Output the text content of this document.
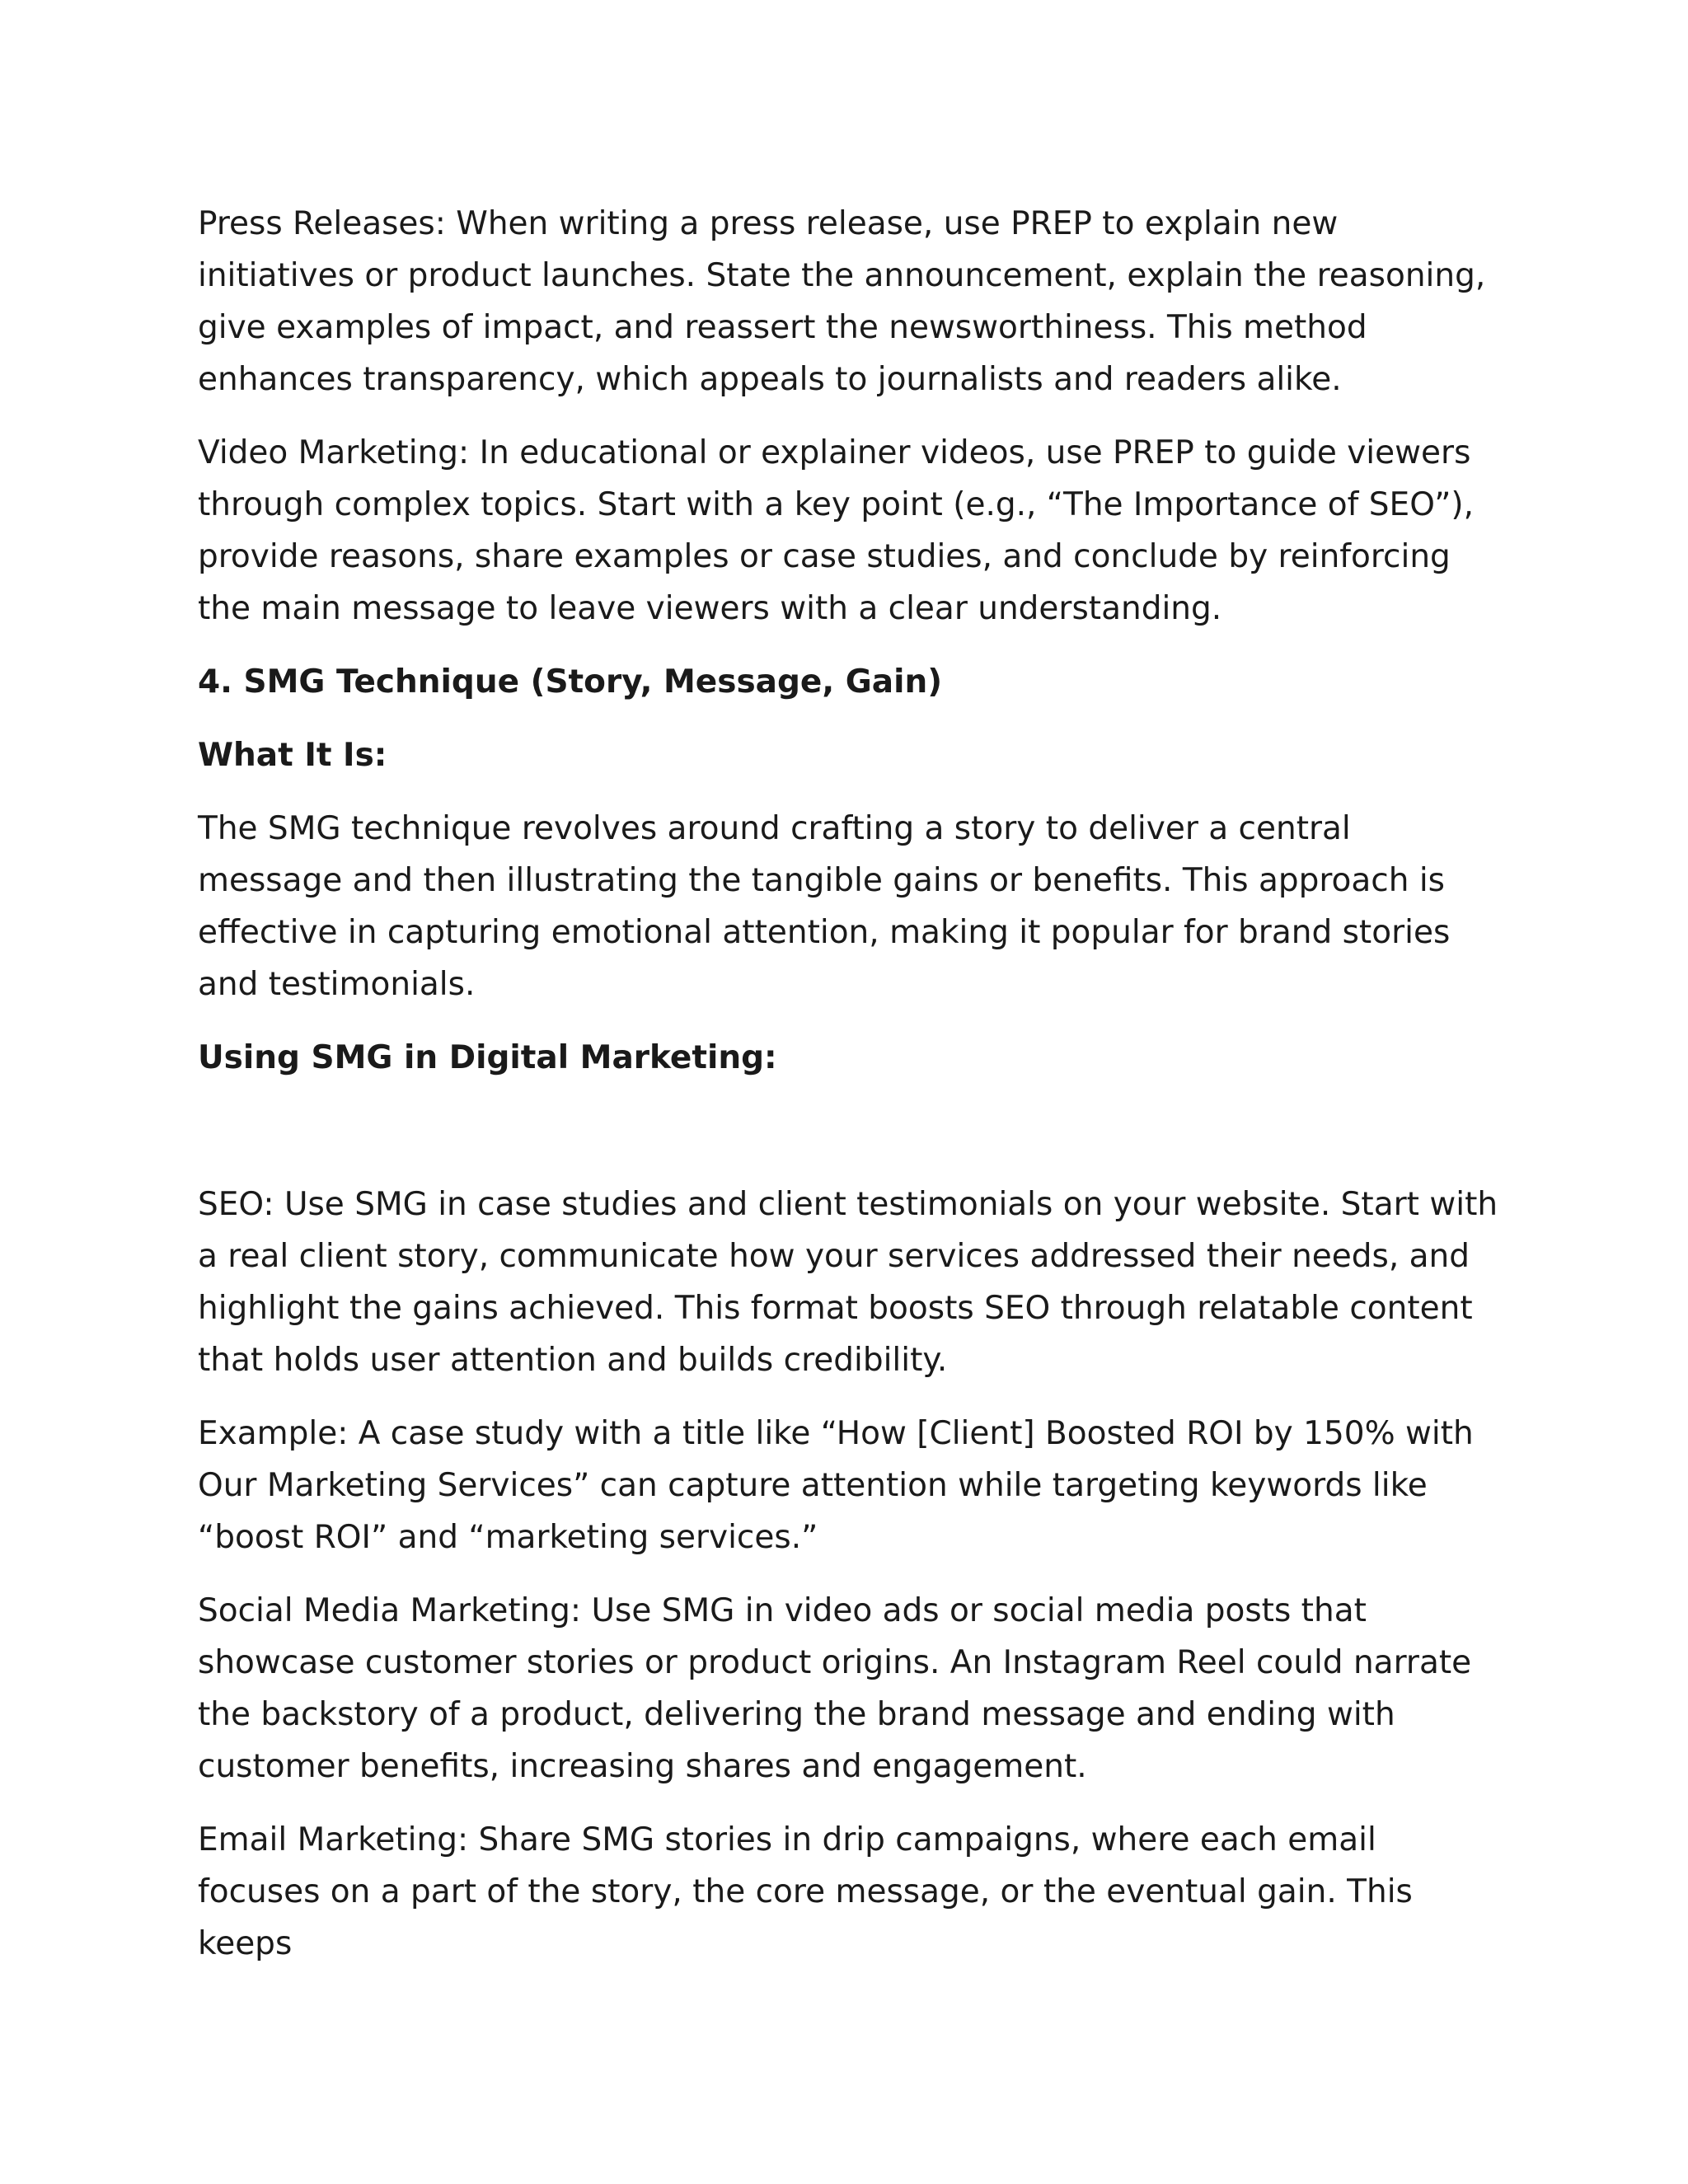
Press Releases: When writing a press release, use PREP to explain new initiatives or product launches. State the announcement, explain the reasoning, give examples of impact, and reassert the newsworthiness. This method enhances transparency, which appeals to journalists and readers alike.

Video Marketing: In educational or explainer videos, use PREP to guide viewers through complex topics. Start with a key point (e.g., “The Importance of SEO”), provide reasons, share examples or case studies, and conclude by reinforcing the main message to leave viewers with a clear understanding.

4. SMG Technique (Story, Message, Gain)

What It Is:

The SMG technique revolves around crafting a story to deliver a central message and then illustrating the tangible gains or benefits. This approach is effective in capturing emotional attention, making it popular for brand stories and testimonials.

Using SMG in Digital Marketing:

SEO: Use SMG in case studies and client testimonials on your website. Start with a real client story, communicate how your services addressed their needs, and highlight the gains achieved. This format boosts SEO through relatable content that holds user attention and builds credibility.

Example: A case study with a title like “How [Client] Boosted ROI by 150% with Our Marketing Services” can capture attention while targeting keywords like “boost ROI” and “marketing services.”

Social Media Marketing: Use SMG in video ads or social media posts that showcase customer stories or product origins. An Instagram Reel could narrate the backstory of a product, delivering the brand message and ending with customer benefits, increasing shares and engagement.

Email Marketing: Share SMG stories in drip campaigns, where each email focuses on a part of the story, the core message, or the eventual gain. This keeps
